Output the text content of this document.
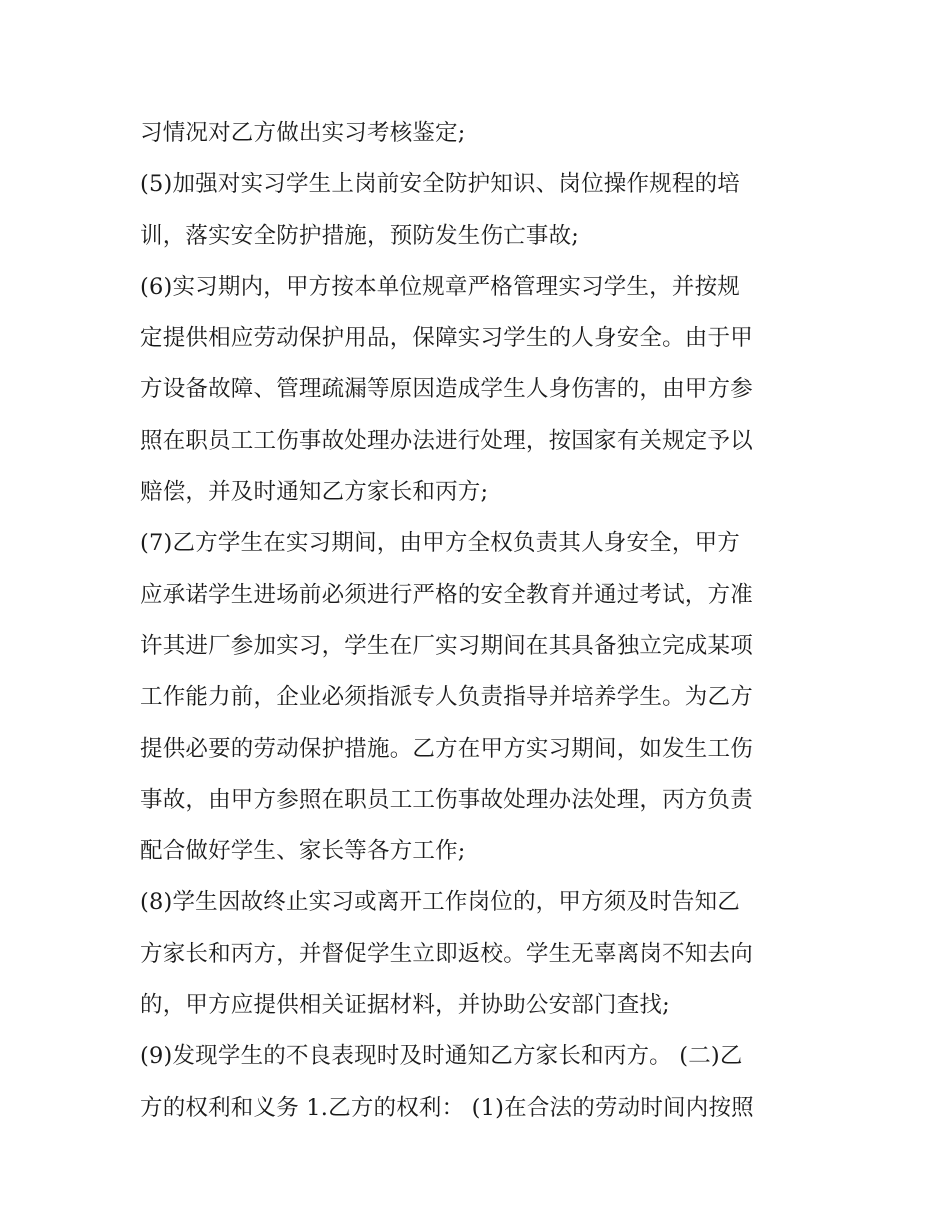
习情况对乙方做出实习考核鉴定;
(5)加强对实习学生上岗前安全防护知识、岗位操作规程的培
训，落实安全防护措施，预防发生伤亡事故;
(6)实习期内，甲方按本单位规章严格管理实习学生，并按规
定提供相应劳动保护用品，保障实习学生的人身安全。由于甲
方设备故障、管理疏漏等原因造成学生人身伤害的，由甲方参
照在职员工工伤事故处理办法进行处理，按国家有关规定予以
赔偿，并及时通知乙方家长和丙方;
(7)乙方学生在实习期间，由甲方全权负责其人身安全，甲方
应承诺学生进场前必须进行严格的安全教育并通过考试，方准
许其进厂参加实习，学生在厂实习期间在其具备独立完成某项
工作能力前，企业必须指派专人负责指导并培养学生。为乙方
提供必要的劳动保护措施。乙方在甲方实习期间，如发生工伤
事故，由甲方参照在职员工工伤事故处理办法处理，丙方负责
配合做好学生、家长等各方工作;
(8)学生因故终止实习或离开工作岗位的，甲方须及时告知乙
方家长和丙方，并督促学生立即返校。学生无辜离岗不知去向
的，甲方应提供相关证据材料，并协助公安部门查找;
(9)发现学生的不良表现时及时通知乙方家长和丙方。 (二)乙
方的权利和义务 1.乙方的权利： (1)在合法的劳动时间内按照
